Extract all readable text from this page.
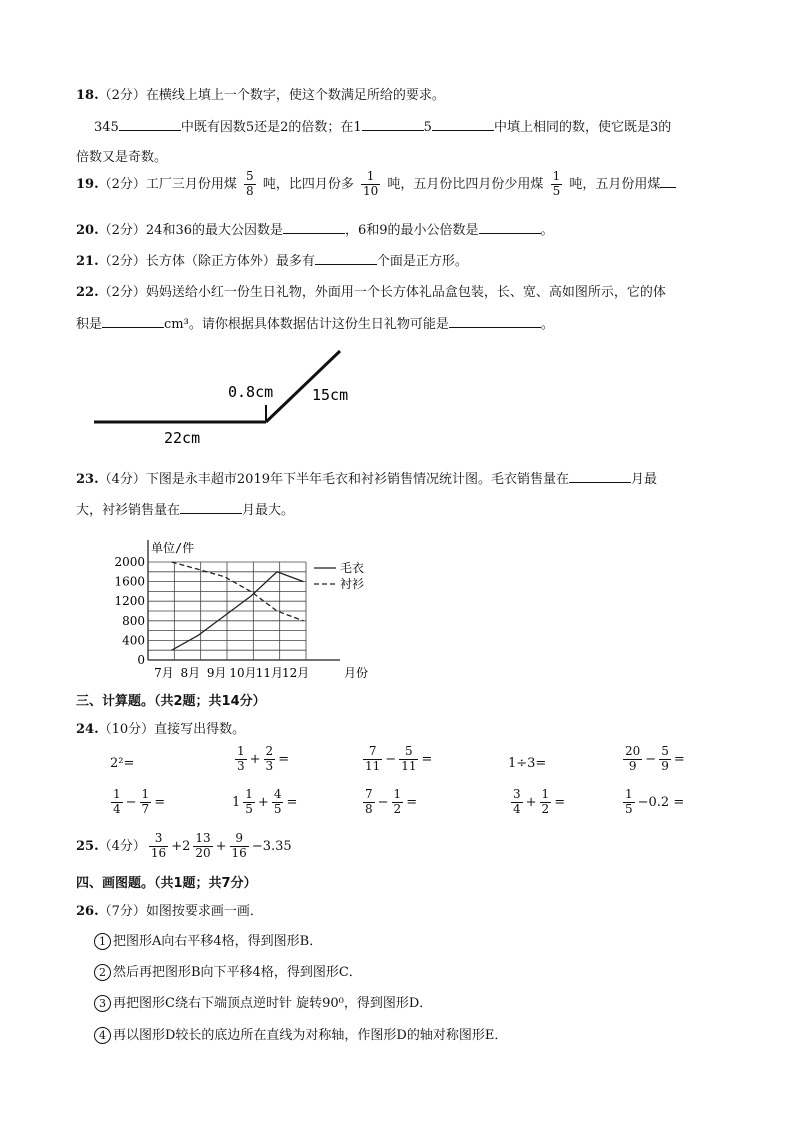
18.（2分）在横线上填上一个数字，使这个数满足所给的要求。
345	中既有因数5还是2的倍数；在1	5	中填上相同的数，使它既是3的
倍数又是奇数。
19.（2分）工厂三月份用煤 $\frac{5}{8}$ 吨，比四月份多 $\frac{1}{10}$ 吨，五月份比四月份少用煤 $\frac{1}{5}$ 吨，五月份用煤
20.（2分）24和36的最大公因数是	，6和9的最小公倍数是	。
21.（2分）长方体（除正方体外）最多有	个面是正方形。
22.（2分）妈妈送给小红一份生日礼物，外面用一个长方体礼品盒包装，长、宽、高如图所示，它的体
积是	cm³。请你根据具体数据估计这份生日礼物可能是	。
0.8cm	15cm
22cm
23.（4分）下图是永丰超市2019年下半年毛衣和衬衫销售情况统计图。毛衣销售量在	月最
大，衬衫销售量在	月最大。
单位/件
0
400
800
1200
1600
2000
7月 8月 9月 10月 11月 12月	月份
毛衣
衬衫
三、计算题。（共2题；共14分）
24.（10分）直接写出得数。
2²=	$\frac{1}{3} + \frac{2}{3}$ =	$\frac{7}{11} - \frac{5}{11}$ =	1÷3=	$\frac{20}{9} - \frac{5}{9}$ =
$\frac{1}{4} - \frac{1}{7}$ =	$1 \frac{1}{5} + \frac{4}{5}$ =	$\frac{7}{8} - \frac{1}{2}$ =	$\frac{3}{4} + \frac{1}{2}$ =	$\frac{1}{5} -0.2$ =
25.（4分） $\frac{3}{16} +2 \frac{13}{20} + \frac{9}{16} -3.35$
四、画图题。（共1题；共7分）
26.（7分）如图按要求画一画．
1 把图形A向右平移4格，得到图形B．
2 然后再把图形B向下平移4格，得到图形C．
3 再把图形C绕右下端顶点逆时针 旋转90⁰，得到图形D．
4 再以图形D较长的底边所在直线为对称轴，作图形D的轴对称图形E．
